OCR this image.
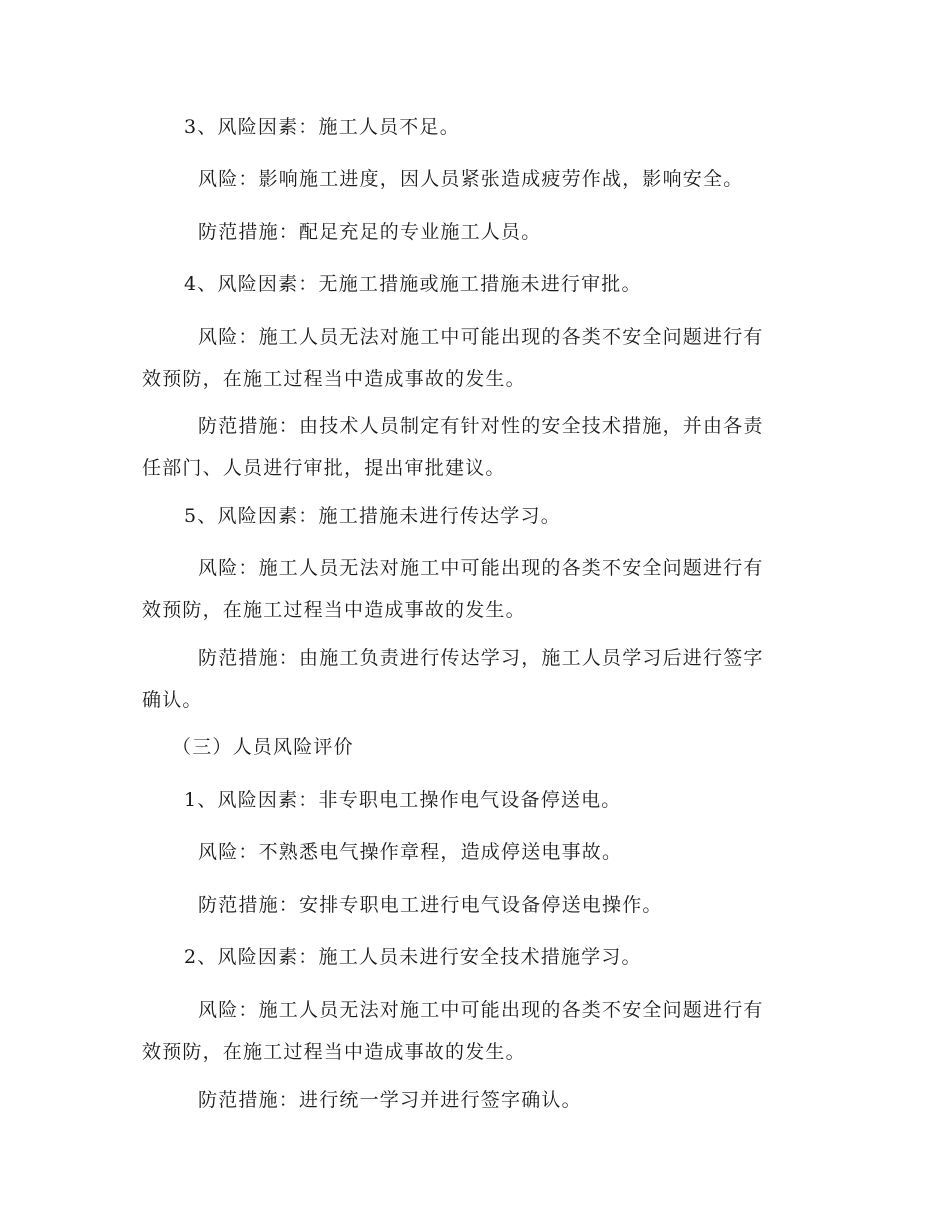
3、风险因素：施工人员不足。
风险：影响施工进度，因人员紧张造成疲劳作战，影响安全。
防范措施：配足充足的专业施工人员。
4、风险因素：无施工措施或施工措施未进行审批。
风险：施工人员无法对施工中可能出现的各类不安全问题进行有
效预防，在施工过程当中造成事故的发生。
防范措施：由技术人员制定有针对性的安全技术措施，并由各责
任部门、人员进行审批，提出审批建议。
5、风险因素：施工措施未进行传达学习。
风险：施工人员无法对施工中可能出现的各类不安全问题进行有
效预防，在施工过程当中造成事故的发生。
防范措施：由施工负责进行传达学习，施工人员学习后进行签字
确认。
（三）人员风险评价
1、风险因素：非专职电工操作电气设备停送电。
风险：不熟悉电气操作章程，造成停送电事故。
防范措施：安排专职电工进行电气设备停送电操作。
2、风险因素：施工人员未进行安全技术措施学习。
风险：施工人员无法对施工中可能出现的各类不安全问题进行有
效预防，在施工过程当中造成事故的发生。
防范措施：进行统一学习并进行签字确认。
